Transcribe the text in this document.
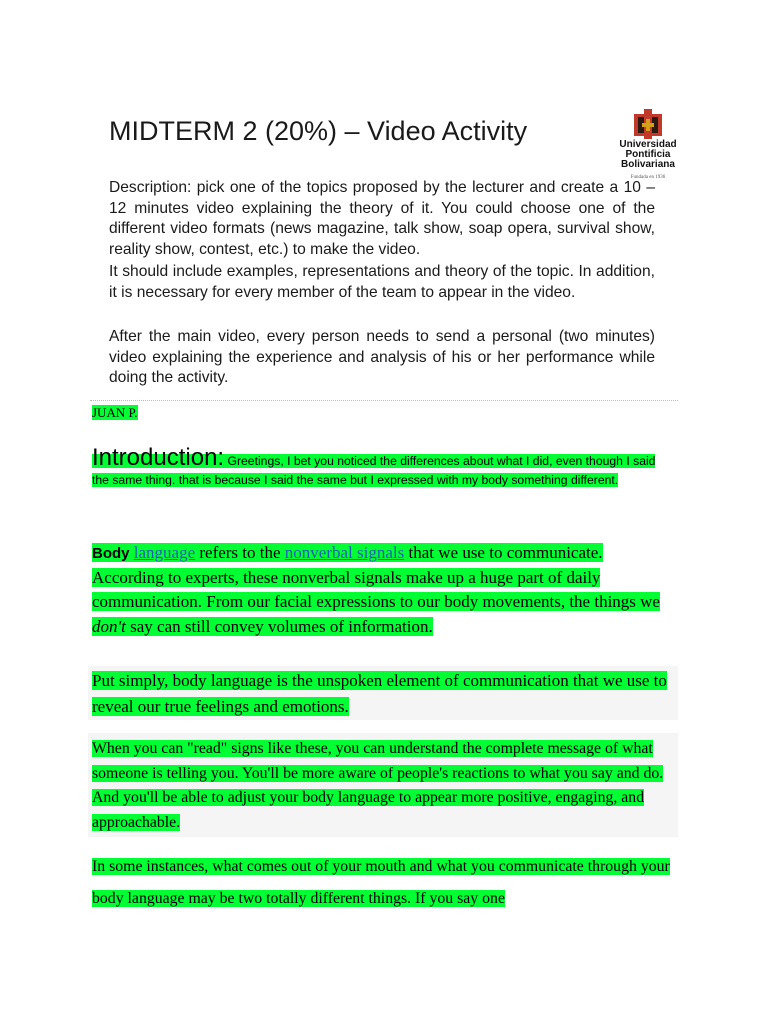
MIDTERM 2 (20%) – Video Activity

Description: pick one of the topics proposed by the lecturer and create a 10 – 12 minutes video explaining the theory of it. You could choose one of the different video formats (news magazine, talk show, soap opera, survival show, reality show, contest, etc.) to make the video.

It should include examples, representations and theory of the topic. In addition, it is necessary for every member of the team to appear in the video.

After the main video, every person needs to send a personal (two minutes) video explaining the experience and analysis of his or her performance while doing the activity.

Universidad
Pontificia
Bolivariana
Fundada en 1936
JUAN P.
Introduction: Greetings, I bet you noticed the differences about what I did, even though I said the same thing. that is because I said the same but I expressed with my body something different.
Body language refers to the nonverbal signals that we use to communicate. According to experts, these nonverbal signals make up a huge part of daily communication. From our facial expressions to our body movements, the things we don't say can still convey volumes of information.
Put simply, body language is the unspoken element of communication that we use to reveal our true feelings and emotions.
When you can "read" signs like these, you can understand the complete message of what someone is telling you. You'll be more aware of people's reactions to what you say and do. And you'll be able to adjust your body language to appear more positive, engaging, and approachable.
In some instances, what comes out of your mouth and what you communicate through your body language may be two totally different things. If you say one
